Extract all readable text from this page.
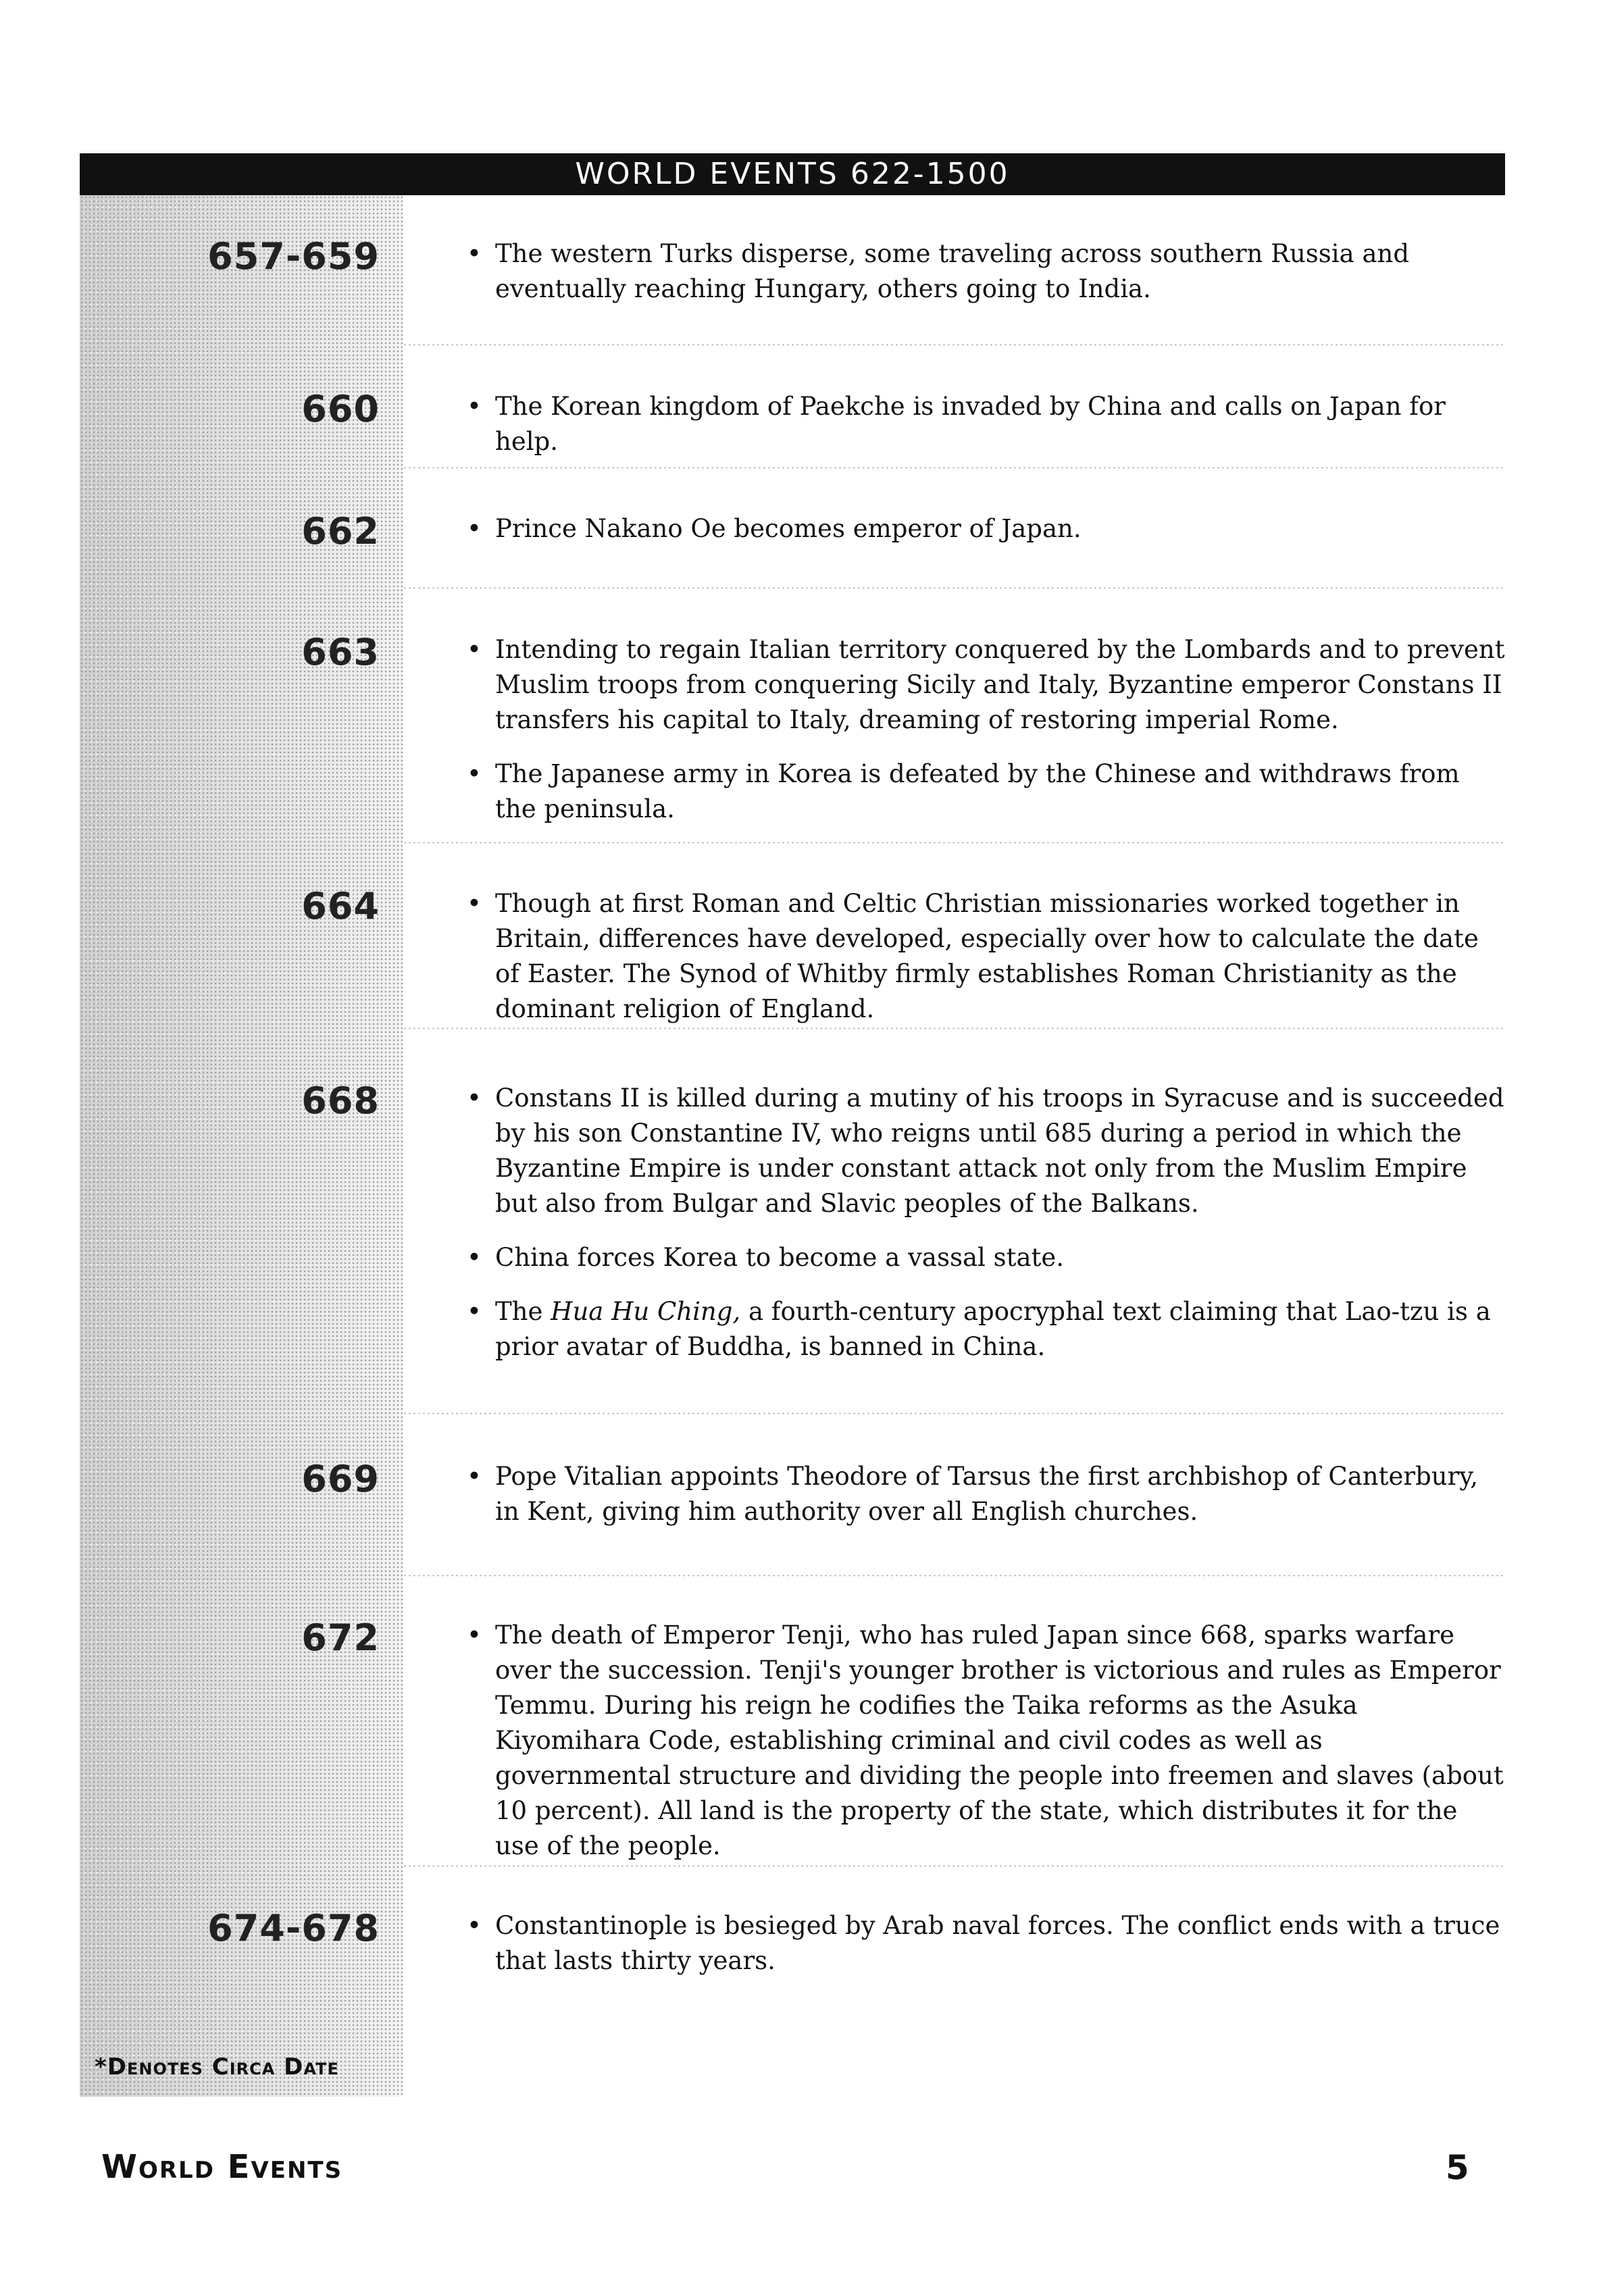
WORLD EVENTS 622-1500
657-659	• The western Turks disperse, some traveling across southern Russia and eventually reaching Hungary, others going to India.
660	• The Korean kingdom of Paekche is invaded by China and calls on Japan for help.
662	• Prince Nakano Oe becomes emperor of Japan.
663	• Intending to regain Italian territory conquered by the Lombards and to prevent Muslim troops from conquering Sicily and Italy, Byzantine emperor Constans II transfers his capital to Italy, dreaming of restoring imperial Rome.
• The Japanese army in Korea is defeated by the Chinese and withdraws from the peninsula.
664	• Though at first Roman and Celtic Christian missionaries worked together in Britain, differences have developed, especially over how to calculate the date of Easter. The Synod of Whitby firmly establishes Roman Christianity as the dominant religion of England.
668	• Constans II is killed during a mutiny of his troops in Syracuse and is succeeded by his son Constantine IV, who reigns until 685 during a period in which the Byzantine Empire is under constant attack not only from the Muslim Empire but also from Bulgar and Slavic peoples of the Balkans.
• China forces Korea to become a vassal state.
• The Hua Hu Ching, a fourth-century apocryphal text claiming that Lao-tzu is a prior avatar of Buddha, is banned in China.
669	• Pope Vitalian appoints Theodore of Tarsus the first archbishop of Canterbury, in Kent, giving him authority over all English churches.
672	• The death of Emperor Tenji, who has ruled Japan since 668, sparks warfare over the succession. Tenji's younger brother is victorious and rules as Emperor Temmu. During his reign he codifies the Taika reforms as the Asuka Kiyomihara Code, establishing criminal and civil codes as well as governmental structure and dividing the people into freemen and slaves (about 10 percent). All land is the property of the state, which distributes it for the use of the people.
674-678	• Constantinople is besieged by Arab naval forces. The conflict ends with a truce that lasts thirty years.
*Denotes Circa Date
World Events	5
